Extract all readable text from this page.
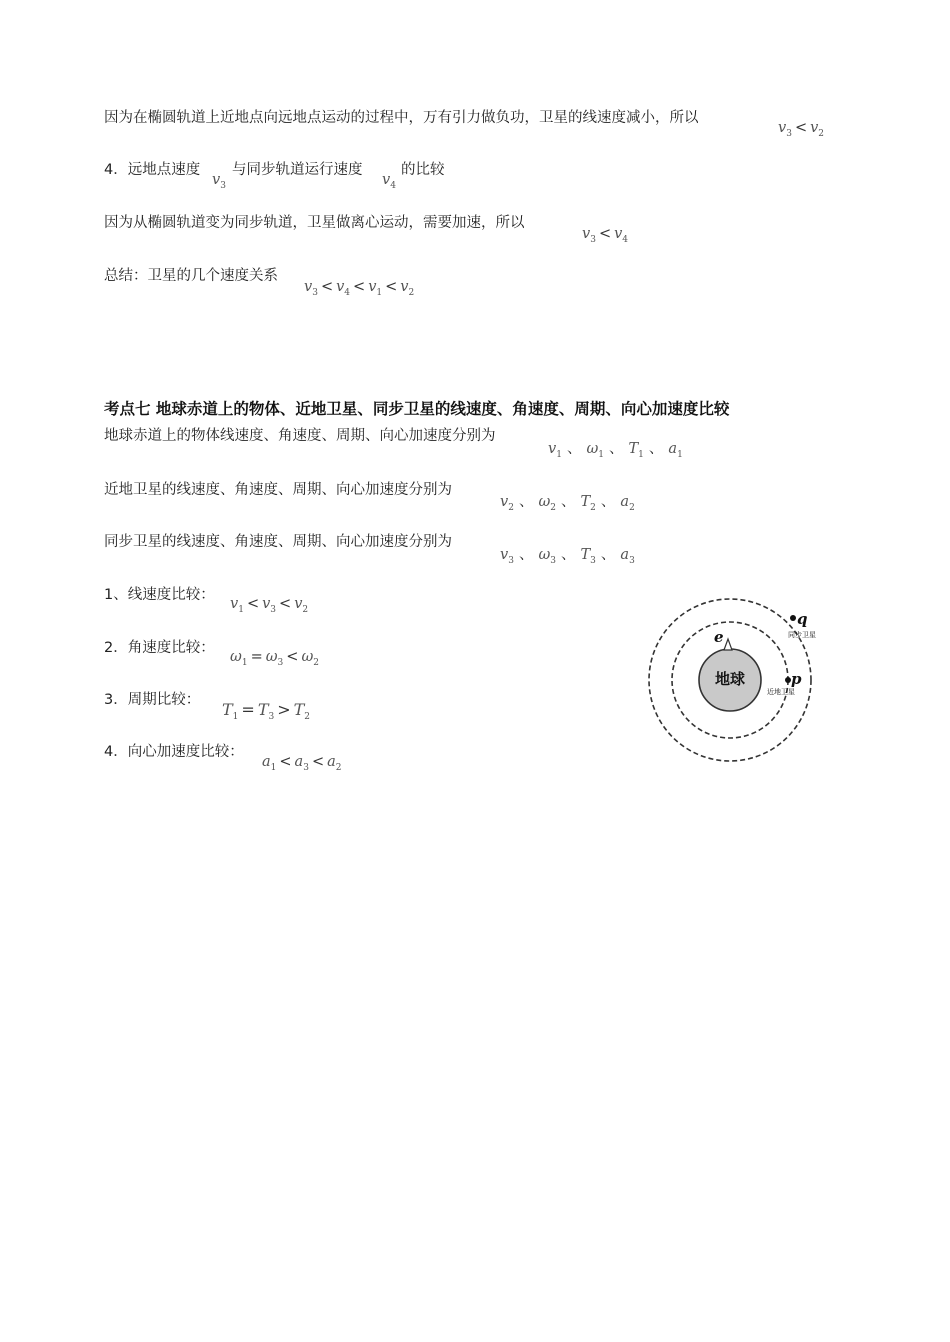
因为在椭圆轨道上近地点向远地点运动的过程中，万有引力做负功，卫星的线速度减小，所以
$v_3 < v_2$
4．远地点速度
$v_3$
与同步轨道运行速度
$v_4$
的比较
因为从椭圆轨道变为同步轨道，卫星做离心运动，需要加速，所以
$v_3 < v_4$
总结：卫星的几个速度关系
$v_3 < v_4 < v_1 < v_2$
考点七 地球赤道上的物体、近地卫星、同步卫星的线速度、角速度、周期、向心加速度比较
地球赤道上的物体线速度、角速度、周期、向心加速度分别为
$v_1$ 、 $\omega_1$ 、 $T_1$ 、 $a_1$
近地卫星的线速度、角速度、周期、向心加速度分别为
$v_2$ 、 $\omega_2$ 、 $T_2$ 、 $a_2$
同步卫星的线速度、角速度、周期、向心加速度分别为
$v_3$ 、 $\omega_3$ 、 $T_3$ 、 $a_3$
1、线速度比较：
$v_1 < v_3 < v_2$
2．角速度比较：
$\omega_1 = \omega_3 < \omega_2$
3．周期比较： $T_1 = T_3 > T_2$
4．向心加速度比较：
$a_1 < a_3 < a_2$
地球
e
q
同步卫星
p
近地卫星
